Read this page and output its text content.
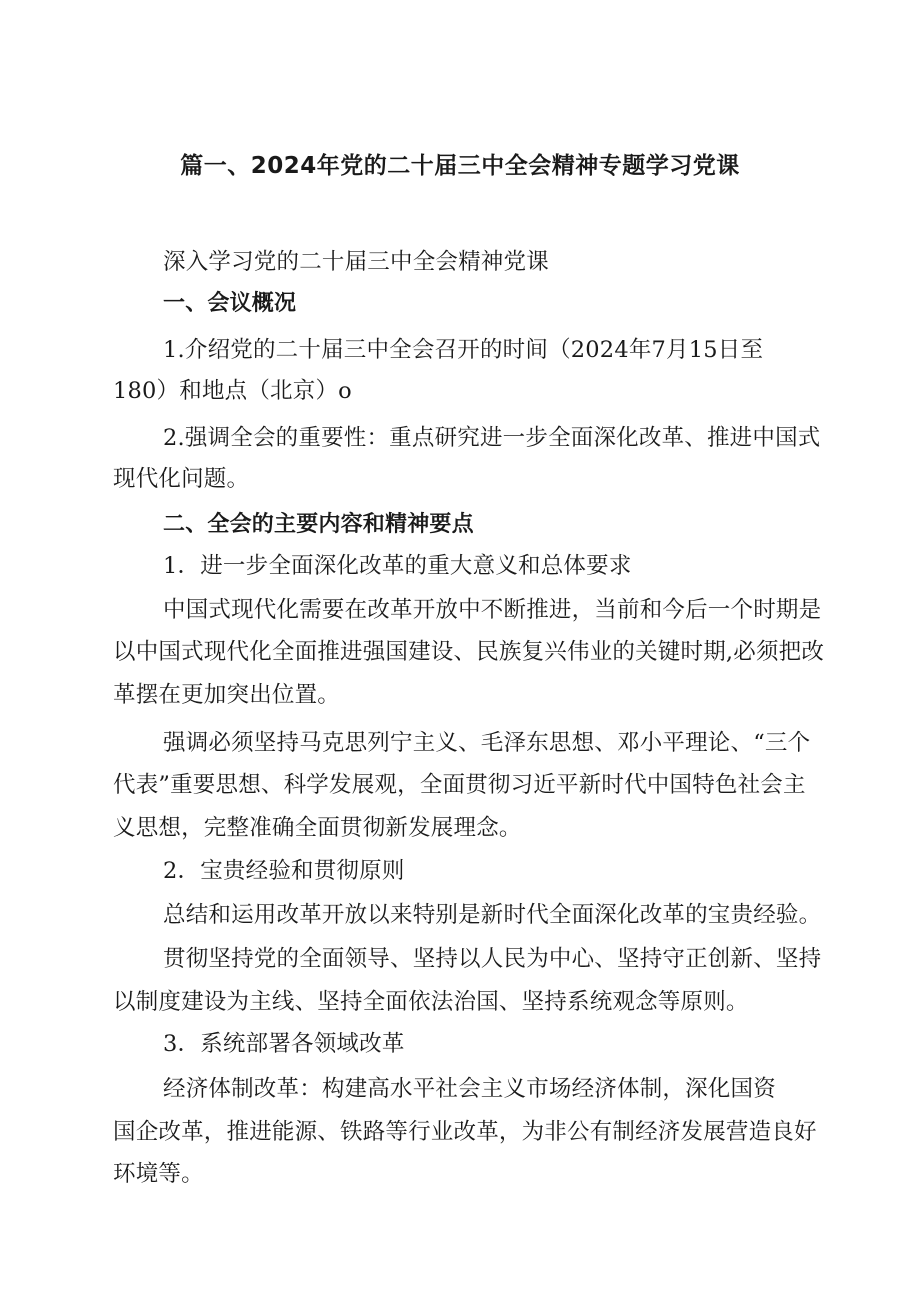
篇一、2024年党的二十届三中全会精神专题学习党课
深入学习党的二十届三中全会精神党课
一、会议概况
1.介绍党的二十届三中全会召开的时间（2024年7月15日至
180）和地点（北京）o
2.强调全会的重要性：重点研究进一步全面深化改革、推进中国式
现代化问题。
二、全会的主要内容和精神要点
1．进一步全面深化改革的重大意义和总体要求
中国式现代化需要在改革开放中不断推进，当前和今后一个时期是
以中国式现代化全面推进强国建设、民族复兴伟业的关键时期,必须把改
革摆在更加突出位置。
强调必须坚持马克思列宁主义、毛泽东思想、邓小平理论、“三个
代表”重要思想、科学发展观，全面贯彻习近平新时代中国特色社会主
义思想，完整准确全面贯彻新发展理念。
2．宝贵经验和贯彻原则
总结和运用改革开放以来特别是新时代全面深化改革的宝贵经验。
贯彻坚持党的全面领导、坚持以人民为中心、坚持守正创新、坚持
以制度建设为主线、坚持全面依法治国、坚持系统观念等原则。
3．系统部署各领域改革
经济体制改革：构建高水平社会主义市场经济体制，深化国资
国企改革，推进能源、铁路等行业改革，为非公有制经济发展营造良好
环境等。
